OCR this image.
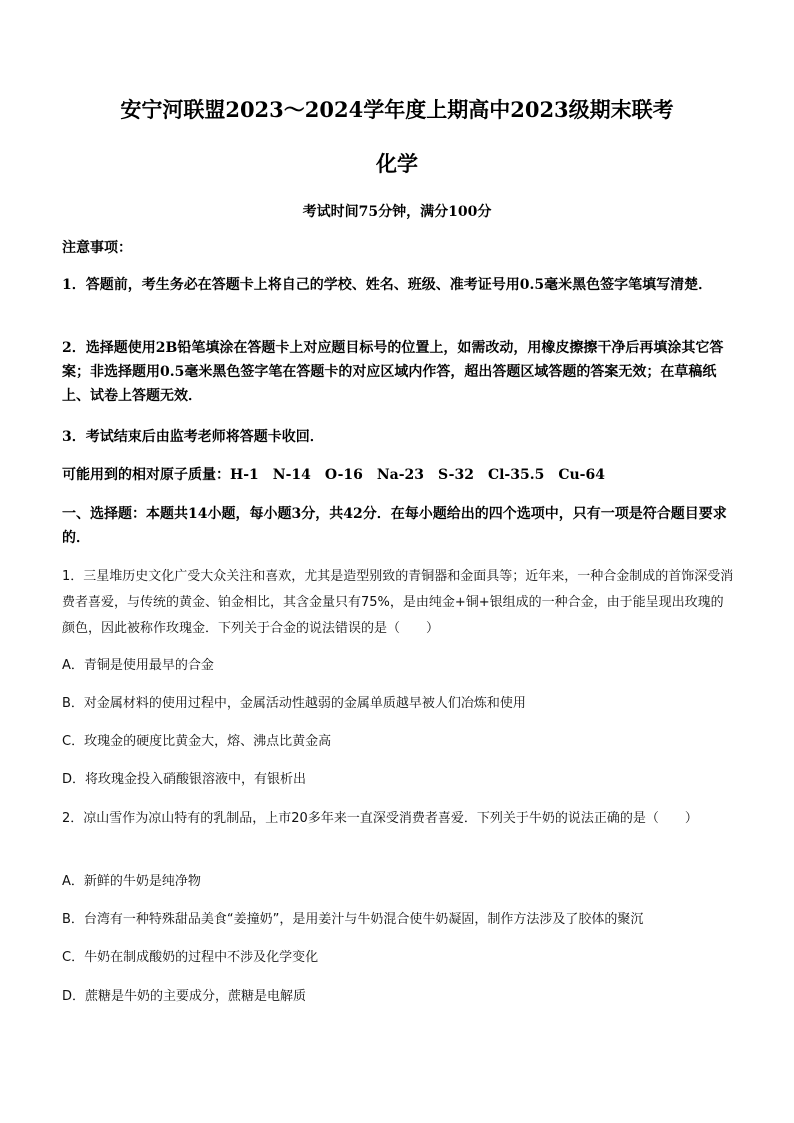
安宁河联盟2023～2024学年度上期高中2023级期末联考
化学
考试时间75分钟，满分100分
注意事项：
1．答题前，考生务必在答题卡上将自己的学校、姓名、班级、准考证号用0.5毫米黑色签字笔填写清楚．
2．选择题使用2B铅笔填涂在答题卡上对应题目标号的位置上，如需改动，用橡皮擦擦干净后再填涂其它答案；非选择题用0.5毫米黑色签字笔在答题卡的对应区域内作答，超出答题区域答题的答案无效；在草稿纸上、试卷上答题无效．
3．考试结束后由监考老师将答题卡收回．
可能用到的相对原子质量：H-1　N-14　O-16　Na-23　S-32　Cl-35.5　Cu-64
一、选择题：本题共14小题，每小题3分，共42分．在每小题给出的四个选项中，只有一项是符合题目要求的．
1．三星堆历史文化广受大众关注和喜欢，尤其是造型别致的青铜器和金面具等；近年来，一种合金制成的首饰深受消费者喜爱，与传统的黄金、铂金相比，其含金量只有75%，是由纯金+铜+银组成的一种合金，由于能呈现出玫瑰的颜色，因此被称作玫瑰金．下列关于合金的说法错误的是（　　）
A．青铜是使用最早的合金
B．对金属材料的使用过程中，金属活动性越弱的金属单质越早被人们冶炼和使用
C．玫瑰金的硬度比黄金大，熔、沸点比黄金高
D．将玫瑰金投入硝酸银溶液中，有银析出
2．凉山雪作为凉山特有的乳制品，上市20多年来一直深受消费者喜爱．下列关于牛奶的说法正确的是（　　）
A．新鲜的牛奶是纯净物
B．台湾有一种特殊甜品美食“姜撞奶”，是用姜汁与牛奶混合使牛奶凝固，制作方法涉及了胶体的聚沉
C．牛奶在制成酸奶的过程中不涉及化学变化
D．蔗糖是牛奶的主要成分，蔗糖是电解质
